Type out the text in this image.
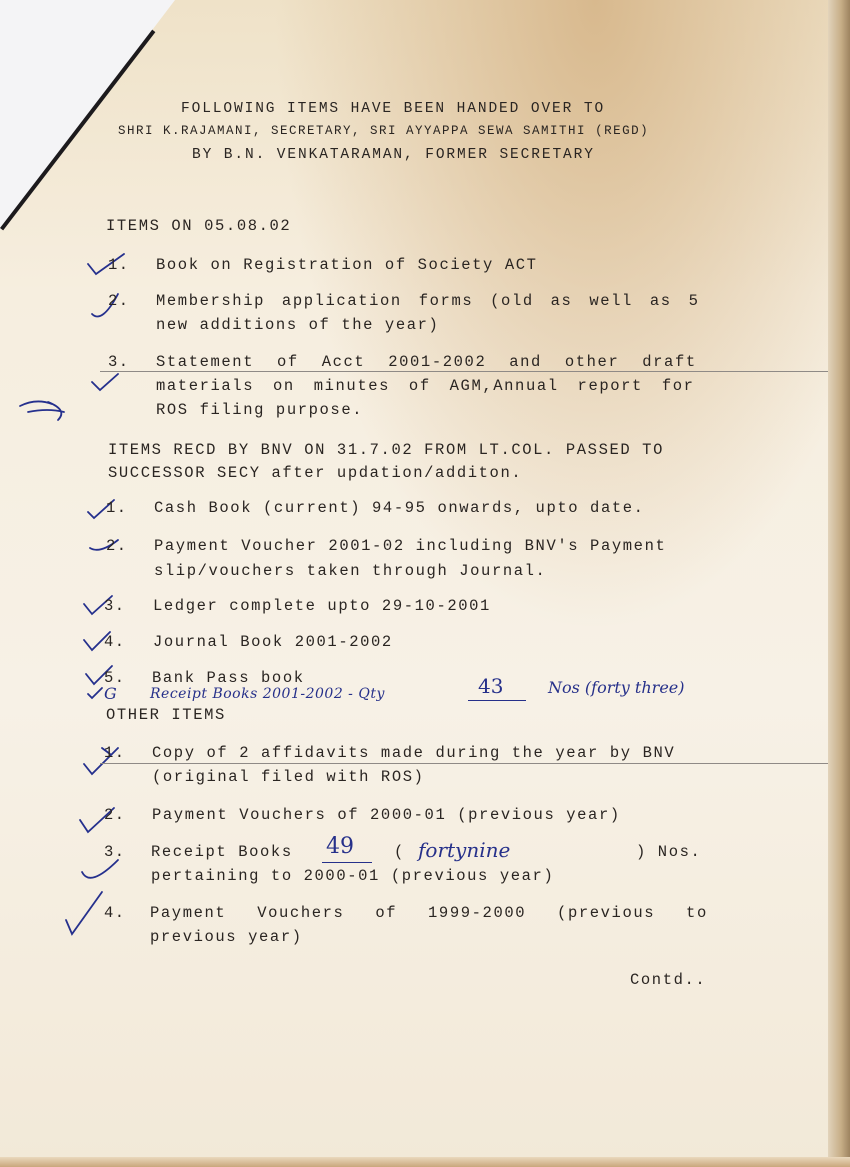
FOLLOWING ITEMS HAVE BEEN HANDED OVER TO
SHRI K.RAJAMANI, SECRETARY, SRI AYYAPPA SEWA SAMITHI (REGD)
BY B.N. VENKATARAMAN, FORMER SECRETARY
ITEMS ON 05.08.02
1. Book on Registration of Society ACT
2. Membership application forms (old as well as 5
new additions of the year)
3. Statement of Acct 2001-2002 and other draft
materials on minutes of AGM,Annual report for
ROS filing purpose.
ITEMS RECD BY BNV ON 31.7.02 FROM LT.COL. PASSED TO
SUCCESSOR SECY after updation/additon.
1. Cash Book (current) 94-95 onwards, upto date.
2. Payment Voucher 2001-02 including BNV's Payment
slip/vouchers taken through Journal.
3. Ledger complete upto 29-10-2001
4. Journal Book 2001-2002
5. Bank Pass book
G Receipt Books 2001-2002 - Qty	43	Nos (forty three)
OTHER ITEMS
1. Copy of 2 affidavits made during the year by BNV
(original filed with ROS)
2. Payment Vouchers of 2000-01 (previous year)
3. Receipt Books 49	( fortynine	) Nos.
pertaining to 2000-01 (previous year)
4. Payment Vouchers of 1999-2000 (previous to
previous year)
Contd..
